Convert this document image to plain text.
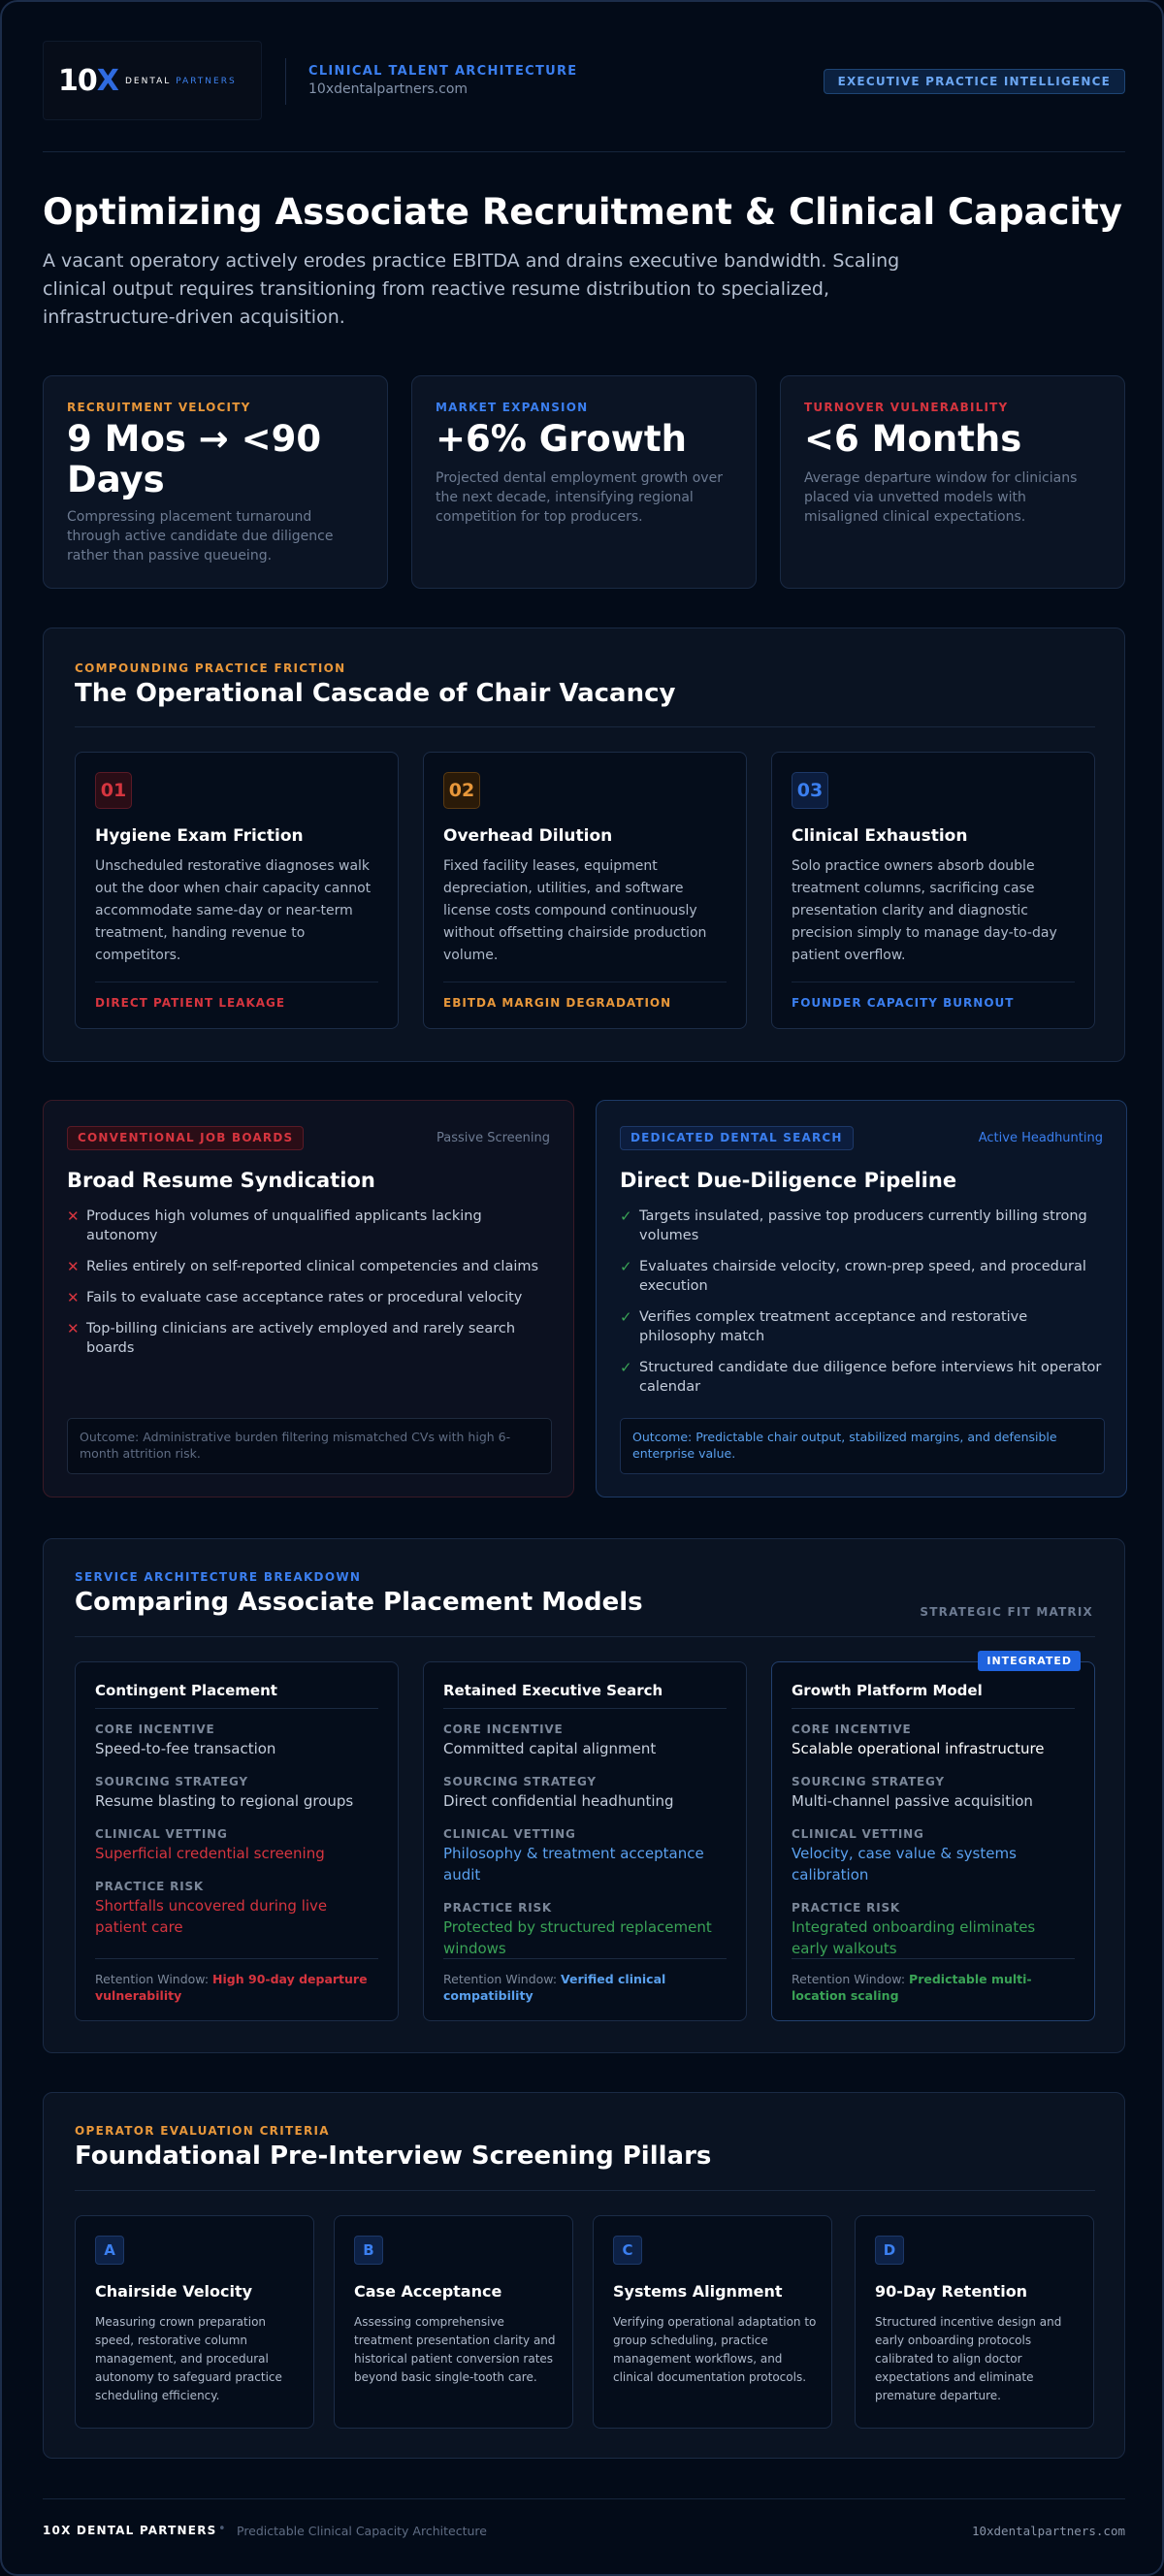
10X DENTAL PARTNERS
CLINICAL TALENT ARCHITECTURE
10xdentalpartners.com	EXECUTIVE PRACTICE INTELLIGENCE
Optimizing Associate Recruitment & Clinical Capacity

A vacant operatory actively erodes practice EBITDA and drains executive bandwidth. Scaling clinical output requires transitioning from reactive resume distribution to specialized, infrastructure-driven acquisition.

RECRUITMENT VELOCITY
9 Mos → <90 Days
Compressing placement turnaround through active candidate due diligence rather than passive queueing.
MARKET EXPANSION
+6% Growth
Projected dental employment growth over the next decade, intensifying regional competition for top producers.
TURNOVER VULNERABILITY
<6 Months
Average departure window for clinicians placed via unvetted models with misaligned clinical expectations.
COMPOUNDING PRACTICE FRICTION
The Operational Cascade of Chair Vacancy
01
Hygiene Exam Friction
Unscheduled restorative diagnoses walk out the door when chair capacity cannot accommodate same-day or near-term treatment, handing revenue to competitors.
DIRECT PATIENT LEAKAGE
02
Overhead Dilution
Fixed facility leases, equipment depreciation, utilities, and software license costs compound continuously without offsetting chairside production volume.
EBITDA MARGIN DEGRADATION
03
Clinical Exhaustion
Solo practice owners absorb double treatment columns, sacrificing case presentation clarity and diagnostic precision simply to manage day-to-day patient overflow.
FOUNDER CAPACITY BURNOUT
CONVENTIONAL JOB BOARDS	Passive Screening
Broad Resume Syndication
✕ Produces high volumes of unqualified applicants lacking autonomy
✕ Relies entirely on self-reported clinical competencies and claims
✕ Fails to evaluate case acceptance rates or procedural velocity
✕ Top-billing clinicians are actively employed and rarely search boards
Outcome: Administrative burden filtering mismatched CVs with high 6-month attrition risk.
DEDICATED DENTAL SEARCH	Active Headhunting
Direct Due-Diligence Pipeline
✓ Targets insulated, passive top producers currently billing strong volumes
✓ Evaluates chairside velocity, crown-prep speed, and procedural execution
✓ Verifies complex treatment acceptance and restorative philosophy match
✓ Structured candidate due diligence before interviews hit operator calendar
Outcome: Predictable chair output, stabilized margins, and defensible enterprise value.
SERVICE ARCHITECTURE BREAKDOWN
Comparing Associate Placement Models	STRATEGIC FIT MATRIX
Contingent Placement
CORE INCENTIVE
Speed-to-fee transaction
SOURCING STRATEGY
Resume blasting to regional groups
CLINICAL VETTING
Superficial credential screening
PRACTICE RISK
Shortfalls uncovered during live patient care
Retention Window: High 90-day departure vulnerability
Retained Executive Search
CORE INCENTIVE
Committed capital alignment
SOURCING STRATEGY
Direct confidential headhunting
CLINICAL VETTING
Philosophy & treatment acceptance audit
PRACTICE RISK
Protected by structured replacement windows
Retention Window: Verified clinical compatibility
INTEGRATED
Growth Platform Model
CORE INCENTIVE
Scalable operational infrastructure
SOURCING STRATEGY
Multi-channel passive acquisition
CLINICAL VETTING
Velocity, case value & systems calibration
PRACTICE RISK
Integrated onboarding eliminates early walkouts
Retention Window: Predictable multi-location scaling
OPERATOR EVALUATION CRITERIA
Foundational Pre-Interview Screening Pillars
A
Chairside Velocity
Measuring crown preparation speed, restorative column management, and procedural autonomy to safeguard practice scheduling efficiency.
B
Case Acceptance
Assessing comprehensive treatment presentation clarity and historical patient conversion rates beyond basic single-tooth care.
C
Systems Alignment
Verifying operational adaptation to group scheduling, practice management workflows, and clinical documentation protocols.
D
90-Day Retention
Structured incentive design and early onboarding protocols calibrated to align doctor expectations and eliminate premature departure.
10X DENTAL PARTNERS • Predictable Clinical Capacity Architecture	10xdentalpartners.com
